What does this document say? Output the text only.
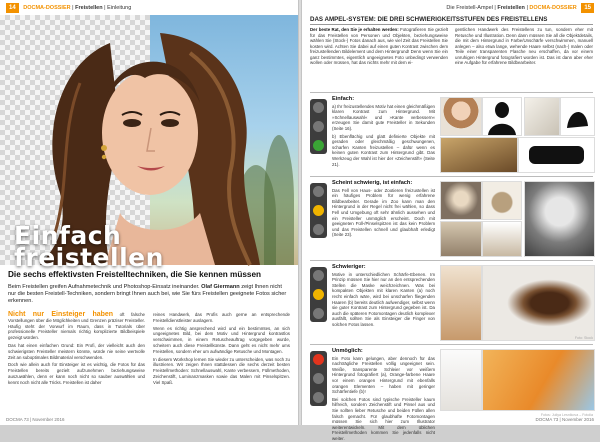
14 DOCMA-DOSSIER | Freistellen | Einleitung
Einfach
freistellen
Die sechs effektivsten Freistelltechniken, die Sie kennen müssen
Beim Freistellen greifen Aufnahmetechnik und Photoshop-Einsatz ineinander. Olaf Giermann zeigt Ihnen nicht nur die besten Freistell-Techniken, sondern bringt Ihnen auch bei, wie Sie fürs Freistellen geeignete Fotos sicher erkennen.

Nicht nur Einsteiger haben oft falsche Vorstellungen über die Möglichkeiten und Grenzen präziser Freisteller. Häufig steht der Vorwurf im Raum, dass in Tutorials über professionelle Freisteller niemals richtig komplizierte Bildbeispiele gezeigt würden.

Das hat einen einfachen Grund: Ein Profi, der vielleicht auch den schwierigsten Freisteller meistern könnte, würde nie seine wertvolle Zeit an suboptimales Bildmaterial verschwenden.

Doch wie allein auch für Einsteiger ist es wichtig, die Fotos für das Freistellen bereits gezielt aufzunehmen beziehungsweise auszuwählen, denn er kann noch nicht so sauber auswählen und kennt noch nicht alle Tricks. Freistellen ist daher

reines Handwerk, das Profis auch gerne an entsprechende Freistelldienstleister auslagern.

Wenn es richtig ansprechend wird und ein bestimmtes, an sich ungeeignetes Bild, bei dem Motiv und Hintergrund kontrastlos verschwimmen, in einem Retuscheauftrag vorgegeben wurde, scheitern auch diese Freistellkünste. Dann geht es nicht mehr ums Freistellen, sondern eher um aufwändige Retusche und Montagen.

In diesem Workshop lernen Sie wieder zu unterscheiden, was noch zu illustrieren. Wir zeigen Ihnen stattdessen die sechs derzeit besten Freistellmethoden: Schnellauswahl, Kante verbessern, Füllmethoden, Zeichenstift, Luminanzmasken sowie das Malen mit Pinselspitzen. Viel Spaß.

DOCMA 73 | November 2016
Die Freistell-Ampel | Freistellen | DOCMA-DOSSIER 15
DAS AMPEL-SYSTEM: DIE DREI SCHWIERIGKEITSSTUFEN DES FREISTELLENS
Der beste Rat, den Sie je erhalten werden: Fotografieren Sie gezielt für das Freistellen von Personen und Objekten, beziehungsweise wählen Sie (Stock-) Fotos danach aus, wie viel Zeit das Freistellen Sie kosten wird. Achten Sie dabei auf einen guten Kontrast zwischen dem freizustellenden Bildelement und dem Hintergrund! Denn wenn Sie ein ganz bestimmtes, eigentlich ungeeignetes Foto unbedingt verwenden wollen oder müssen, hat das nichts mehr mit dem ei-
gentlichen Handwerk des Freistellens zu tun, sondern eher mit Retusche und Illustration. Denn dann müssen Sie all die Objektdetails, die mit dem Hintergrund in Farbe/Unschärfe verschwimmen, manuell anlegen – also etwa lange, wehende Haare selbst (nach-) malen oder Teile einer transparenten Flasche neu erschaffen, da vor einem unruhigen Hintergrund fotografiert worden ist. Das ist dann aber eher eine Aufgabe für erfahrene Bildbearbeiter.
Einfach:
a) Ihr freizustellendes Motiv hat einen gleichmäßigen klaren Kontrast zum Hintergrund. Mit »Schnellauswahl« und »Kante verbessern« erzeugen Sie damit gute Freisteller in Sekunden (Seite 16).
b) Ebenflächig und glatt definierte Objekte mit geraden oder gleichmäßig geschwungenen, scharfen Kanten freizustellen – dafür wenn es keinen guten Kontrast zum Hintergrund gibt. Das Werkzeug der Wahl ist hier der »Zeichenstift« (Seite 21).
Scheint schwierig, ist einfach:
Das Fell von Haus- oder Zootieren freizustellen ist ein häufiges Problem für wenig erfahrene Bildbearbeiter. Gerade im Zoo kann man den Hintergrund in der Regel nicht frei wählen, so dass Fell und Umgebung oft sehr ähnlich aussehen und ein Freisteller unmöglich erscheint. Doch mit geeigneten Füll-/Pinselspitzen ist das kein Problem und das Freistellen schnell und glaubhaft erledigt (Seite 23).
Schwieriger:
Motive in unterschiedlichen Schärfe-Ebenen. Im Prinzip müssen Sie hier nur an den entsprechenden Stellen die Maske weichzeichnen. Was bei kompakten Objekten mit klaren Kanten (a) noch recht einfach wäre, wird bei unscharfen fliegenden Haaren (b) bereits deutlich aufwendiger, selbst wenn sie guter Kontrast zum Hintergrund gegeben ist. Da auch die späteren Fotomontagen deutlich komplexer ausfällt, sollten Sie als Einsteiger die Finger von solchen Fotos lassen.
Foto: Stock
Unmöglich:
Ein Foto kann gelungen, aber dennoch für das nachträgliche Freistellen völlig ungeeignet sein. Weiße, transparente Schleier vor weißem Hintergrund fotografiert (a), Orange-farbene Haare vor einem orangen Hintergrund mit ebenfalls orangen Elementen – haben mit geringer Schärfentiefe (b)!
Bei solchen Fotos sind typische Freisteller kaum hilfreich, sondern Zeichenstift und Pinsel aus und Sie sollten lieber Retusche und beiden Füllen allen falsch gemacht. Für glaubhafte Fotomontagen müssen Sie sich hier zum Illustrator weiterentwickeln. Mit dem üblichen Freistellmethoden kommen Sie jedenfalls nicht weiter.
Fotos: Juliya Lesnikova – Fotolia
DOCMA 73 | November 2016
